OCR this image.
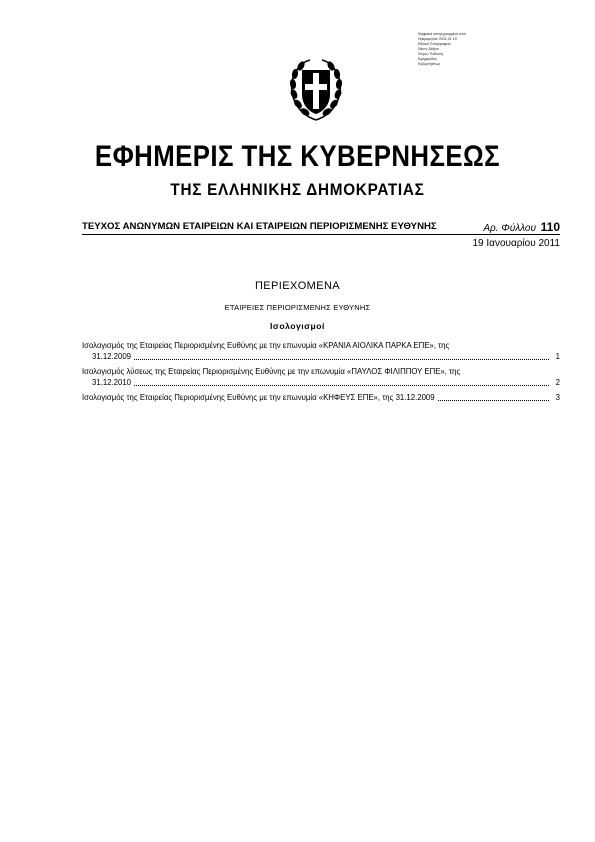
Ψηφιακά υπογεγραμμένο από
Ημερομηνία: 2011.01.19
Εθνικό Τυπογραφείο
Θέση: Αθήνα
Λόγος: Έκδοση
Εφημερίδας
Κυβερνήσεως
ΕΦΗΜΕΡΙΣ ΤΗΣ ΚΥΒΕΡΝΗΣΕΩΣ
ΤΗΣ ΕΛΛΗΝΙΚΗΣ ΔΗΜΟΚΡΑΤΙΑΣ
ΤΕΥΧΟΣ ΑΝΩΝΥΜΩΝ ΕΤΑΙΡΕΙΩΝ ΚΑΙ ΕΤΑΙΡΕΙΩΝ ΠΕΡΙΟΡΙΣΜΕΝΗΣ ΕΥΘΥΝΗΣ	Αρ. Φύλλου 110
19 Ιανουαρίου 2011
ΠΕΡΙΕΧΟΜΕΝΑ
ΕΤΑΙΡΕΙΕΣ ΠΕΡΙΟΡΙΣΜΕΝΗΣ ΕΥΘΥΝΗΣ
Ισολογισμοί
Ισολογισμός της Εταιρείας Περιορισμένης Ευθύνης με την επωνυμία «ΚΡΑΝΙΑ ΑΙΟΛΙΚΑ ΠΑΡΚΑ ΕΠΕ», της
31.12.2009	1
Ισολογισμός λύσεως της Εταιρείας Περιορισμένης Ευθύνης με την επωνυμία «ΠΑΥΛΟΣ ΦΙΛΙΠΠΟΥ ΕΠΕ», της
31.12.2010	2
Ισολογισμός της Εταιρείας Περιορισμένης Ευθύνης με την επωνυμία «ΚΗΦΕΥΣ ΕΠΕ», της 31.12.2009	3
